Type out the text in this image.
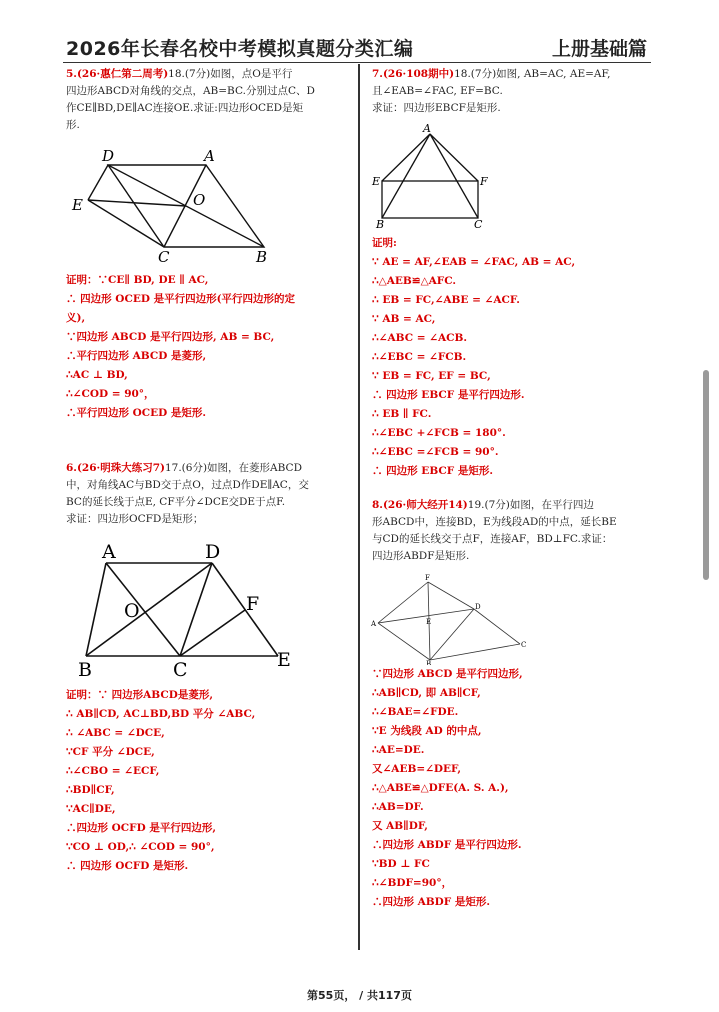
2026年长春名校中考模拟真题分类汇编	上册基础篇
5.(26·惠仁第二周考)18.(7分)如图，点O是平行
四边形ABCD对角线的交点，AB=BC.分别过点C、D
作CE∥BD,DE∥AC连接OE.求证:四边形OCED是矩
形.
D	A
E	O
C	B
证明：∵CE∥ BD, DE ∥ AC,
∴ 四边形 OCED 是平行四边形(平行四边形的定
义),
∵四边形 ABCD 是平行四边形, AB = BC,
∴平行四边形 ABCD 是菱形,
∴AC ⊥ BD,
∴∠COD = 90°，
∴平行四边形 OCED 是矩形.
6.(26·明珠大练习7)17.(6分)如图，在菱形ABCD
中，对角线AC与BD交于点O，过点D作DE∥AC，交
BC的延长线于点E, CF平分∠DCE交DE于点F.
求证：四边形OCFD是矩形；
A	D
F
O
B	C	E
证明：∵ 四边形ABCD是菱形,
∴ AB∥CD, AC⊥BD,BD 平分 ∠ABC,
∴ ∠ABC = ∠DCE,
∵CF 平分 ∠DCE,
∴∠CBO = ∠ECF,
∴BD∥CF,
∵AC∥DE,
∴四边形 OCFD 是平行四边形,
∵CO ⊥ OD,∴ ∠COD = 90°,
∴ 四边形 OCFD 是矩形.
7.(26·108期中)18.(7分)如图, AB=AC, AE=AF,
且∠EAB=∠FAC, EF=BC.
求证：四边形EBCF是矩形.
A
E	F
B	C
证明:
∵ AE = AF,∠EAB = ∠FAC, AB = AC,
∴△AEB≌△AFC.
∴ EB = FC,∠ABE = ∠ACF.
∵ AB = AC,
∴∠ABC = ∠ACB.
∴∠EBC = ∠FCB.
∵ EB = FC, EF = BC,
∴ 四边形 EBCF 是平行四边形.
∴ EB ∥ FC.
∴∠EBC +∠FCB = 180°.
∴∠EBC =∠FCB = 90°.
∴ 四边形 EBCF 是矩形.
8.(26·师大经开14)19.(7分)如图，在平行四边
形ABCD中，连接BD，E为线段AD的中点，延长BE
与CD的延长线交于点F，连接AF，BD⊥FC.求证：
四边形ABDF是矩形.
F
D
A	E
B
C
∵四边形 ABCD 是平行四边形,
∴AB∥CD, 即 AB∥CF,
∴∠BAE=∠FDE.
∵E 为线段 AD 的中点,
∴AE=DE.
又∠AEB=∠DEF,
∴△ABE≌△DFE(A. S. A.),
∴AB=DF.
又 AB∥DF,
∴四边形 ABDF 是平行四边形.
∵BD ⊥ FC
∴∠BDF=90°，
∴四边形 ABDF 是矩形.
第55页， / 共117页
